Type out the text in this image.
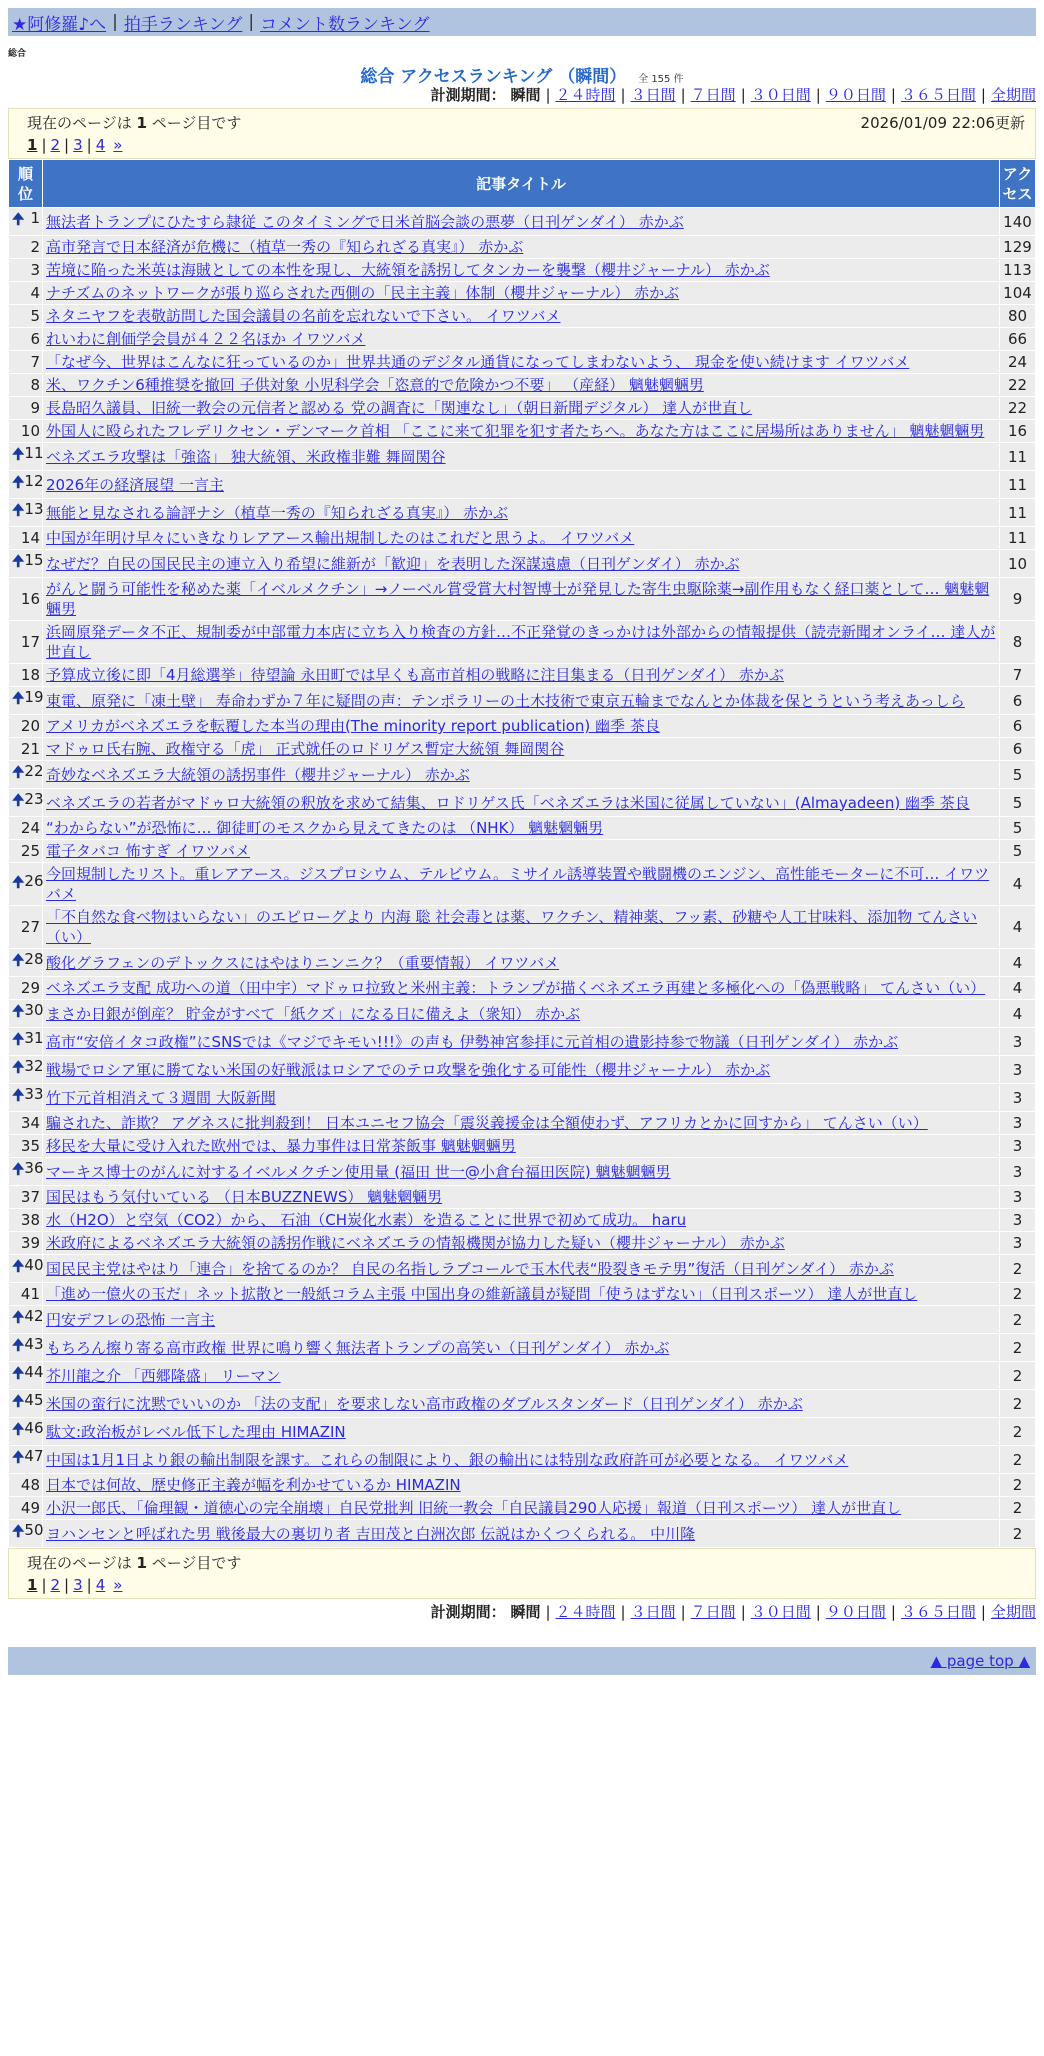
★阿修羅♪へ | 拍手ランキング | コメント数ランキング
総合
総合 アクセスランキング （瞬間） 全 155 件
計測期間： 瞬間 | ２４時間 | ３日間 | ７日間 | ３０日間 | ９０日間 | ３６５日間 | 全期間
現在のページは 1 ページ目です	2026/01/09 22:06更新
1 | 2 | 3 | 4 »
順位	記事タイトル	アクセス

🠉 1	無法者トランプにひたすら隷従 このタイミングで日米首脳会談の悪夢（日刊ゲンダイ） 赤かぶ	140
2	高市発言で日本経済が危機に（植草一秀の『知られざる真実』） 赤かぶ	129
3	苦境に陥った米英は海賊としての本性を現し、大統領を誘拐してタンカーを襲撃（櫻井ジャーナル） 赤かぶ	113
4	ナチズムのネットワークが張り巡らされた西側の「民主主義」体制（櫻井ジャーナル） 赤かぶ	104
5	ネタニヤフを表敬訪問した国会議員の名前を忘れないで下さい。 イワツバメ	80
6	れいわに創価学会員が４２２名ほか イワツバメ	66
7	「なぜ今、世界はこんなに狂っているのか」世界共通のデジタル通貨になってしまわないよう、 現金を使い続けます イワツバメ	24
8	米、ワクチン6種推奨を撤回 子供対象 小児科学会「恣意的で危険かつ不要」 （産経） 魑魅魍魎男	22
9	長島昭久議員、旧統一教会の元信者と認める 党の調査に「関連なし」（朝日新聞デジタル） 達人が世直し	22
10	外国人に殴られたフレデリクセン・デンマーク首相 「ここに来て犯罪を犯す者たちへ。あなた方はここに居場所はありません」 魑魅魍魎男	16

🠉 11	ベネズエラ攻撃は「強盗」 独大統領、米政権非難 舞岡関谷	11

🠉 12	2026年の経済展望 一言主	11

🠉 13	無能と見なされる論評ナシ（植草一秀の『知られざる真実』） 赤かぶ	11
14	中国が年明け早々にいきなりレアアース輸出規制したのはこれだと思うよ。 イワツバメ	11

🠉 15	なぜだ？自民の国民民主の連立入り希望に維新が「歓迎」を表明した深謀遠慮（日刊ゲンダイ） 赤かぶ	10
16	がんと闘う可能性を秘めた薬「イベルメクチン」→ノーベル賞受賞大村智博士が発見した寄生虫駆除薬→副作用もなく経口薬として… 魑魅魍魎男	9
17	浜岡原発データ不正、規制委が中部電力本店に立ち入り検査の方針…不正発覚のきっかけは外部からの情報提供（読売新聞オンライ… 達人が世直し	8
18	予算成立後に即「4月総選挙」待望論 永田町では早くも高市首相の戦略に注目集まる（日刊ゲンダイ） 赤かぶ	7

🠉 19	東電、原発に「凍土壁」 寿命わずか７年に疑問の声：テンポラリーの土木技術で東京五輪までなんとか体裁を保とうという考えあっしら	6
20	アメリカがベネズエラを転覆した本当の理由(The minority report publication) 幽季 茶良	6
21	マドゥロ氏右腕、政権守る「虎」 正式就任のロドリゲス暫定大統領 舞岡関谷	6

🠉 22	奇妙なベネズエラ大統領の誘拐事件（櫻井ジャーナル） 赤かぶ	5

🠉 23	ベネズエラの若者がマドゥロ大統領の釈放を求めて結集、ロドリゲス氏「ベネズエラは米国に従属していない」(Almayadeen) 幽季 茶良	5
24	“わからない”が恐怖に… 御徒町のモスクから見えてきたのは （NHK） 魑魅魍魎男	5
25	電子タバコ 怖すぎ イワツバメ	5

🠉 26	今回規制したリスト。重レアアース。ジスプロシウム、テルビウム。ミサイル誘導装置や戦闘機のエンジン、高性能モーターに不可… イワツバメ	4
27	「不自然な食べ物はいらない」のエピローグより 内海 聡 社会毒とは薬、ワクチン、精神薬、フッ素、砂糖や人工甘味料、添加物 てんさい（い）	4

🠉 28	酸化グラフェンのデトックスにはやはりニンニク？（重要情報） イワツバメ	4
29	ベネズエラ支配 成功への道（田中宇）マドゥロ拉致と米州主義：トランプが描くベネズエラ再建と多極化への「偽悪戦略」 てんさい（い）	4

🠉 30	まさか日銀が倒産？ 貯金がすべて「紙クズ」になる日に備えよ（衆知） 赤かぶ	4

🠉 31	高市“安倍イタコ政権”にSNSでは《マジでキモい!!!》の声も 伊勢神宮参拝に元首相の遺影持参で物議（日刊ゲンダイ） 赤かぶ	3

🠉 32	戦場でロシア軍に勝てない米国の好戦派はロシアでのテロ攻撃を強化する可能性（櫻井ジャーナル） 赤かぶ	3

🠉 33	竹下元首相消えて３週間 大阪新聞	3
34	騙された、詐欺？ アグネスに批判殺到！ 日本ユニセフ協会「震災義援金は全額使わず、アフリカとかに回すから」 てんさい（い）	3
35	移民を大量に受け入れた欧州では、暴力事件は日常茶飯事 魑魅魍魎男	3

🠉 36	マーキス博士のがんに対するイベルメクチン使用量 (福田 世一@小倉台福田医院) 魑魅魍魎男	3
37	国民はもう気付いている （日本BUZZNEWS） 魑魅魍魎男	3
38	水（H2O）と空気（CO2）から、 石油（CH炭化水素）を造ることに世界で初めて成功。 haru	3
39	米政府によるベネズエラ大統領の誘拐作戦にベネズエラの情報機関が協力した疑い（櫻井ジャーナル） 赤かぶ	3

🠉 40	国民民主党はやはり「連合」を捨てるのか？ 自民の名指しラブコールで玉木代表“股裂きモテ男”復活（日刊ゲンダイ） 赤かぶ	2
41	「進め一億火の玉だ」ネット拡散と一般紙コラム主張 中国出身の維新議員が疑問「使うはずない」（日刊スポーツ） 達人が世直し	2

🠉 42	円安デフレの恐怖 一言主	2

🠉 43	もちろん擦り寄る高市政権 世界に鳴り響く無法者トランプの高笑い（日刊ゲンダイ） 赤かぶ	2

🠉 44	芥川龍之介 「西郷隆盛」 リーマン	2

🠉 45	米国の蛮行に沈黙でいいのか 「法の支配」を要求しない高市政権のダブルスタンダード（日刊ゲンダイ） 赤かぶ	2

🠉 46	駄文:政治板がレベル低下した理由 HIMAZIN	2

🠉 47	中国は1月1日より銀の輸出制限を課す。これらの制限により、銀の輸出には特別な政府許可が必要となる。 イワツバメ	2
48	日本では何故、歴史修正主義が幅を利かせているか HIMAZIN	2
49	小沢一郎氏、「倫理観・道徳心の完全崩壊」自民党批判 旧統一教会「自民議員290人応援」報道（日刊スポーツ） 達人が世直し	2

🠉 50	ヨハンセンと呼ばれた男 戦後最大の裏切り者 吉田茂と白洲次郎 伝説はかくつくられる。 中川隆	2
現在のページは 1 ページ目です
1 | 2 | 3 | 4 »
計測期間： 瞬間 | ２４時間 | ３日間 | ７日間 | ３０日間 | ９０日間 | ３６５日間 | 全期間
▲ page top ▲
